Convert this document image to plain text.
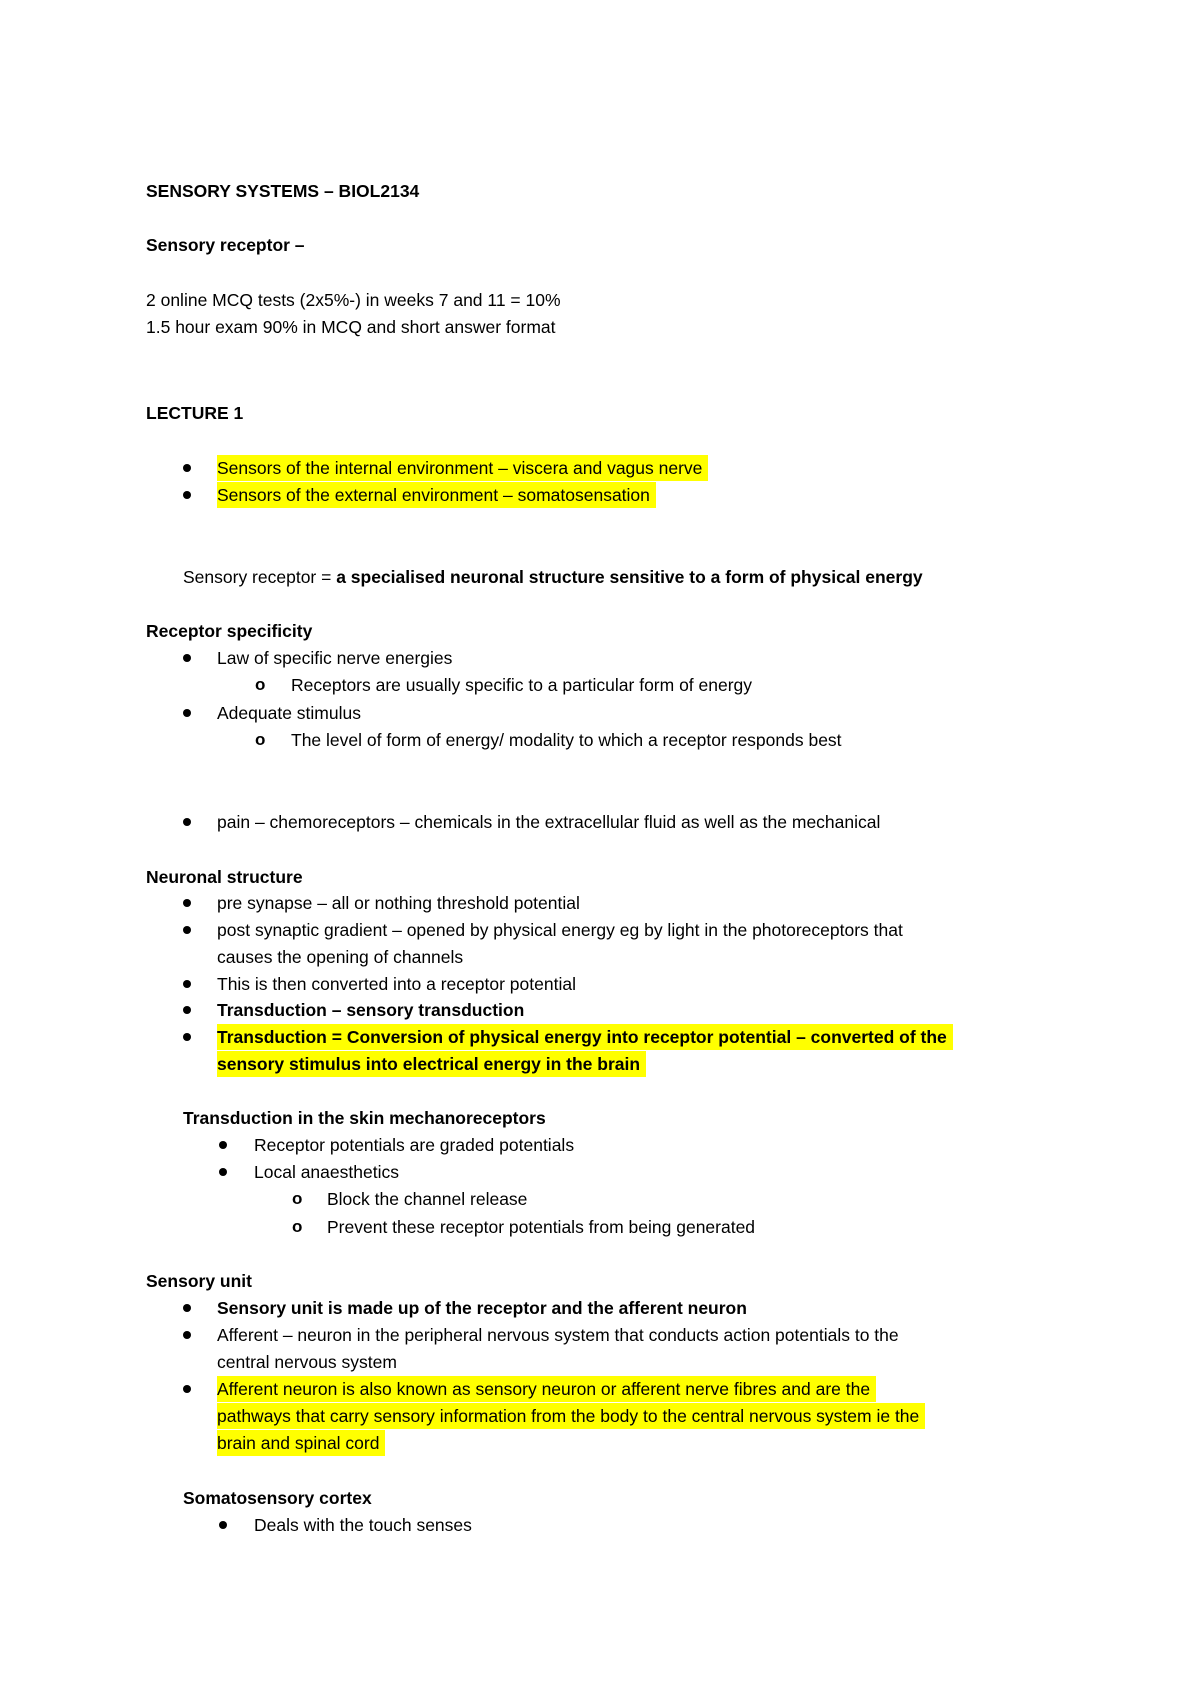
SENSORY SYSTEMS – BIOL2134
Sensory receptor –
2 online MCQ tests (2x5%-) in weeks 7 and 11 = 10%
1.5 hour exam 90% in MCQ and short answer format
LECTURE 1
Sensors of the internal environment – viscera and vagus nerve
Sensors of the external environment – somatosensation
Sensory receptor = a specialised neuronal structure sensitive to a form of physical energy
Receptor specificity
Law of specific nerve energies
o Receptors are usually specific to a particular form of energy
Adequate stimulus
o The level of form of energy/ modality to which a receptor responds best
pain – chemoreceptors – chemicals in the extracellular fluid as well as the mechanical
Neuronal structure
pre synapse – all or nothing threshold potential
post synaptic gradient – opened by physical energy eg by light in the photoreceptors that
causes the opening of channels
This is then converted into a receptor potential
Transduction – sensory transduction
Transduction = Conversion of physical energy into receptor potential – converted of the
sensory stimulus into electrical energy in the brain
Transduction in the skin mechanoreceptors
Receptor potentials are graded potentials
Local anaesthetics
o Block the channel release
o Prevent these receptor potentials from being generated
Sensory unit
Sensory unit is made up of the receptor and the afferent neuron
Afferent – neuron in the peripheral nervous system that conducts action potentials to the
central nervous system
Afferent neuron is also known as sensory neuron or afferent nerve fibres and are the
pathways that carry sensory information from the body to the central nervous system ie the
brain and spinal cord
Somatosensory cortex
Deals with the touch senses
